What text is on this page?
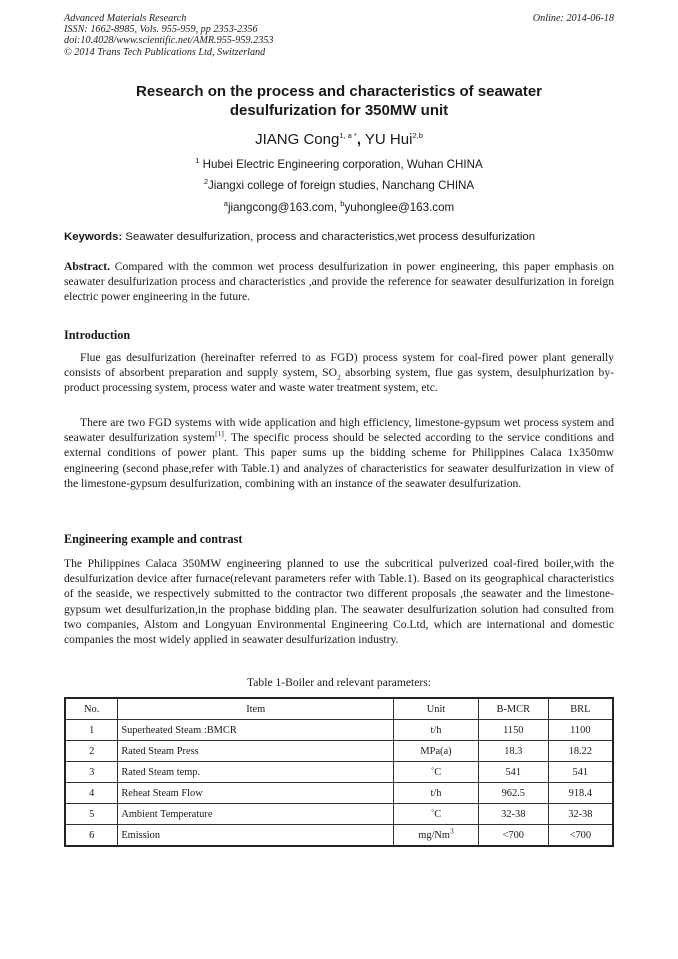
Advanced Materials Research
ISSN: 1662-8985, Vols. 955-959, pp 2353-2356
doi:10.4028/www.scientific.net/AMR.955-959.2353
© 2014 Trans Tech Publications Ltd, Switzerland
Online: 2014-06-18
Research on the process and characteristics of seawater
desulfurization for 350MW unit
JIANG Cong$^{1, a *}$, YU Hui$^{2,b}$
$^1$ Hubei Electric Engineering corporation, Wuhan CHINA
$^2$Jiangxi college of foreign studies, Nanchang CHINA
$^a$jiangcong@163.com, $^b$yuhonglee@163.com
Keywords: Seawater desulfurization, process and characteristics,wet process desulfurization
Abstract. Compared with the common wet process desulfurization in power engineering, this paper emphasis on seawater desulfurization process and characteristics ,and provide the reference for seawater desulfurization in foreign electric power engineering in the future.
Introduction
Flue gas desulfurization (hereinafter referred to as FGD) process system for coal-fired power plant generally consists of absorbent preparation and supply system, $SO_2$ absorbing system, flue gas system, desulphurization by-product processing system, process water and waste water treatment system, etc.
There are two FGD systems with wide application and high efficiency, limestone-gypsum wet process system and seawater desulfurization system[1]. The specific process should be selected according to the service conditions and external conditions of power plant. This paper sums up the bidding scheme for Philippines Calaca 1x350mw engineering (second phase,refer with Table.1) and analyzes of characteristics for seawater desulfurization in view of the limestone-gypsum desulfurization, combining with an instance of the seawater desulfurization.
Engineering example and contrast
The Philippines Calaca 350MW engineering planned to use the subcritical pulverized coal-fired boiler,with the desulfurization device after furnace(relevant parameters refer with Table.1). Based on its geographical characteristics of the seaside, we respectively submitted to the contractor two different proposals ,the seawater and the limestone-gypsum wet desulfurization,in the prophase bidding plan. The seawater desulfurization solution had consulted from two companies, Alstom and Longyuan Environmental Engineering Co.Ltd, which are international and domestic companies the most widely applied in seawater desulfurization industry.
Table 1-Boiler and relevant parameters:
No.	Item	Unit	B-MCR	BRL
1	Superheated Steam :BMCR	t/h	1150	1100
2	Rated Steam Press	MPa(a)	18.3	18.22
3	Rated Steam temp.	˚C	541	541
4	Reheat Steam Flow	t/h	962.5	918.4
5	Ambient Temperature	˚C	32-38	32-38
6	Emission	$mg/Nm^3$	<700	<700
